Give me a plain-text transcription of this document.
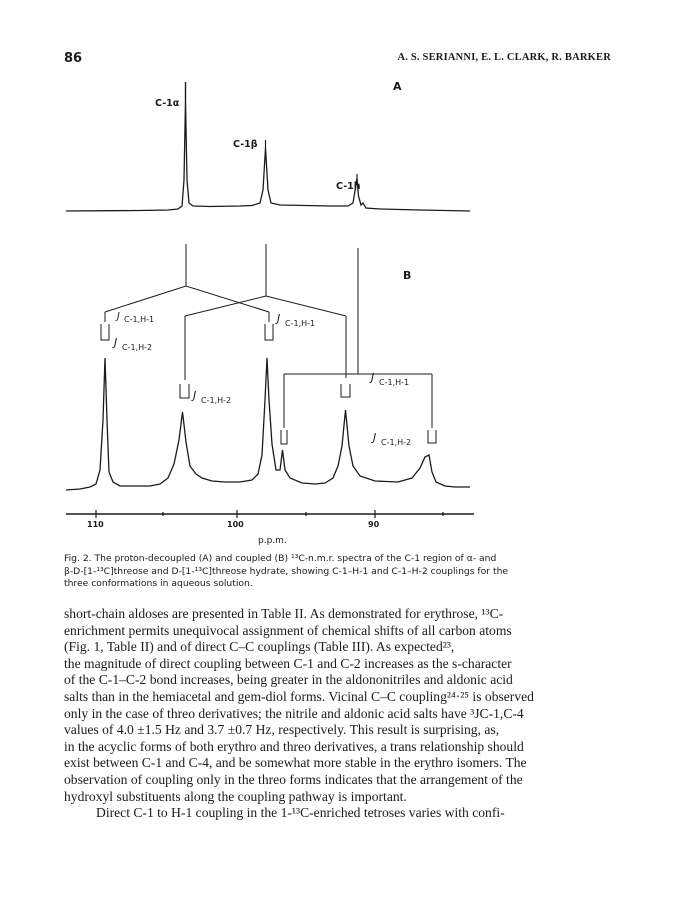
86	A. S. SERIANNI, E. L. CLARK, R. BARKER
A
C-1α
C-1β
C-1h
B
J C-1,H-1
J C-1,H-2
J C-1,H-1
J C-1,H-2
J C-1,H-1
J C-1,H-2
110	100	90
p.p.m.
Fig. 2. The proton-decoupled (A) and coupled (B) ¹³C-n.m.r. spectra of the C-1 region of α- and
β-D-[1-¹³C]threose and D-[1-¹³C]threose hydrate, showing C-1–H-1 and C-1–H-2 couplings for the
three conformations in aqueous solution.
short-chain aldoses are presented in Table II. As demonstrated for erythrose, ¹³C-
enrichment permits unequivocal assignment of chemical shifts of all carbon atoms
(Fig. 1, Table II) and of direct C–C couplings (Table III). As expected²³,
the magnitude of direct coupling between C-1 and C-2 increases as the s-character
of the C-1–C-2 bond increases, being greater in the aldononitriles and aldonic acid
salts than in the hemiacetal and gem-diol forms. Vicinal C–C coupling²⁴·²⁵ is observed
only in the case of threo derivatives; the nitrile and aldonic acid salts have ³JC-1,C-4
values of 4.0 ±1.5 Hz and 3.7 ±0.7 Hz, respectively. This result is surprising, as,
in the acyclic forms of both erythro and threo derivatives, a trans relationship should
exist between C-1 and C-4, and be somewhat more stable in the erythro isomers. The
observation of coupling only in the threo forms indicates that the arrangement of the
hydroxyl substituents along the coupling pathway is important.
Direct C-1 to H-1 coupling in the 1-¹³C-enriched tetroses varies with confi-
